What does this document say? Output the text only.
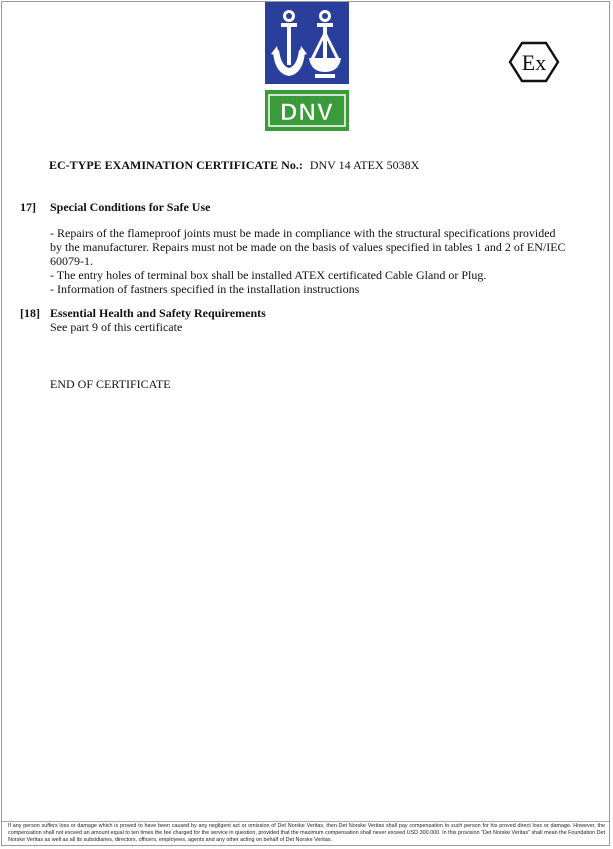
DNV
Ex
EC-TYPE EXAMINATION CERTIFICATE No.: DNV 14 ATEX 5038X
17] Special Conditions for Safe Use

- Repairs of the flameproof joints must be made in compliance with the structural specifications provided by the manufacturer. Repairs must not be made on the basis of values specified in tables 1 and 2 of EN/IEC 60079-1.

- The entry holes of terminal box shall be installed ATEX certificated Cable Gland or Plug.

- Information of fastners specified in the installation instructions

[18] Essential Health and Safety Requirements
See part 9 of this certificate
END OF CERTIFICATE
If any person suffers loss or damage which is proved to have been caused by any negligent act or omission of Det Norske Veritas, then Det Norske Veritas shall pay compensation to such person for his proved direct loss or damage. However, the compensation shall not exceed an amount equal to ten times the fee charged for the service in question, provided that the maximum compensation shall never exceed USD 300.000. In this provision "Det Norske Veritas" shall mean the Foundation Det Norske Veritas as well as all its subsidiaries, directors, officers, employees, agents and any other acting on behalf of Det Norske Veritas.
